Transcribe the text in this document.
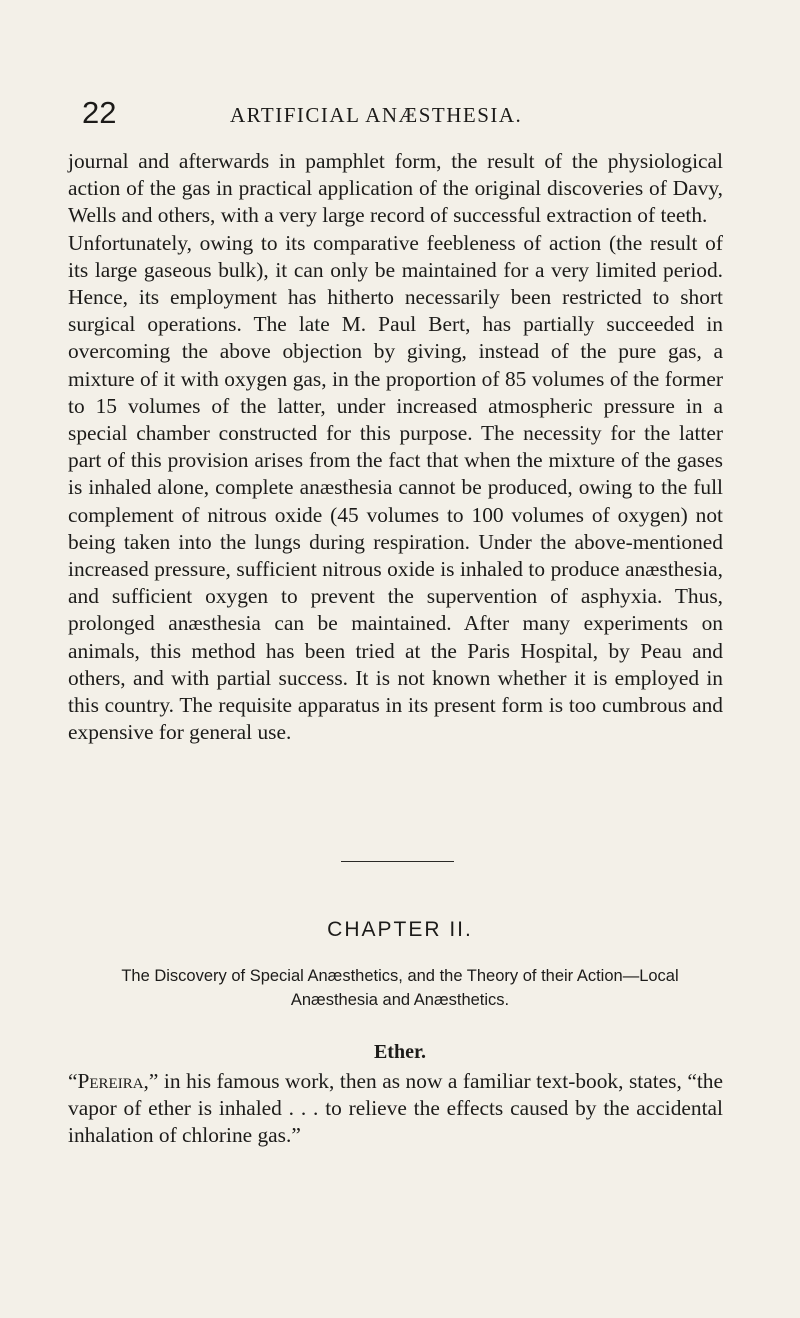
22	ARTIFICIAL ANÆSTHESIA.

journal and afterwards in pamphlet form, the result of the physiological action of the gas in practical application of the original discoveries of Davy, Wells and others, with a very large record of successful extraction of teeth.

Unfortunately, owing to its comparative feebleness of action (the result of its large gaseous bulk), it can only be maintained for a very limited period. Hence, its employment has hitherto necessarily been restricted to short surgical operations. The late M. Paul Bert, has partially succeeded in overcoming the above objection by giving, instead of the pure gas, a mixture of it with oxygen gas, in the proportion of 85 volumes of the former to 15 volumes of the latter, under increased atmospheric pressure in a special chamber constructed for this purpose. The necessity for the latter part of this provision arises from the fact that when the mixture of the gases is inhaled alone, complete anæsthesia cannot be produced, owing to the full complement of nitrous oxide (45 volumes to 100 volumes of oxygen) not being taken into the lungs during respiration. Under the above-mentioned increased pressure, sufficient nitrous oxide is inhaled to produce anæsthesia, and sufficient oxygen to prevent the supervention of asphyxia. Thus, prolonged anæsthesia can be maintained. After many experiments on animals, this method has been tried at the Paris Hospital, by Peau and others, and with partial success. It is not known whether it is employed in this country. The requisite apparatus in its present form is too cumbrous and expensive for general use.

CHAPTER II.
The Discovery of Special Anæsthetics, and the Theory of their Action—Local Anæsthesia and Anæsthetics.
Ether.

“Pereira,” in his famous work, then as now a familiar text-book, states, “the vapor of ether is inhaled . . . to relieve the effects caused by the accidental inhalation of chlorine gas.”
